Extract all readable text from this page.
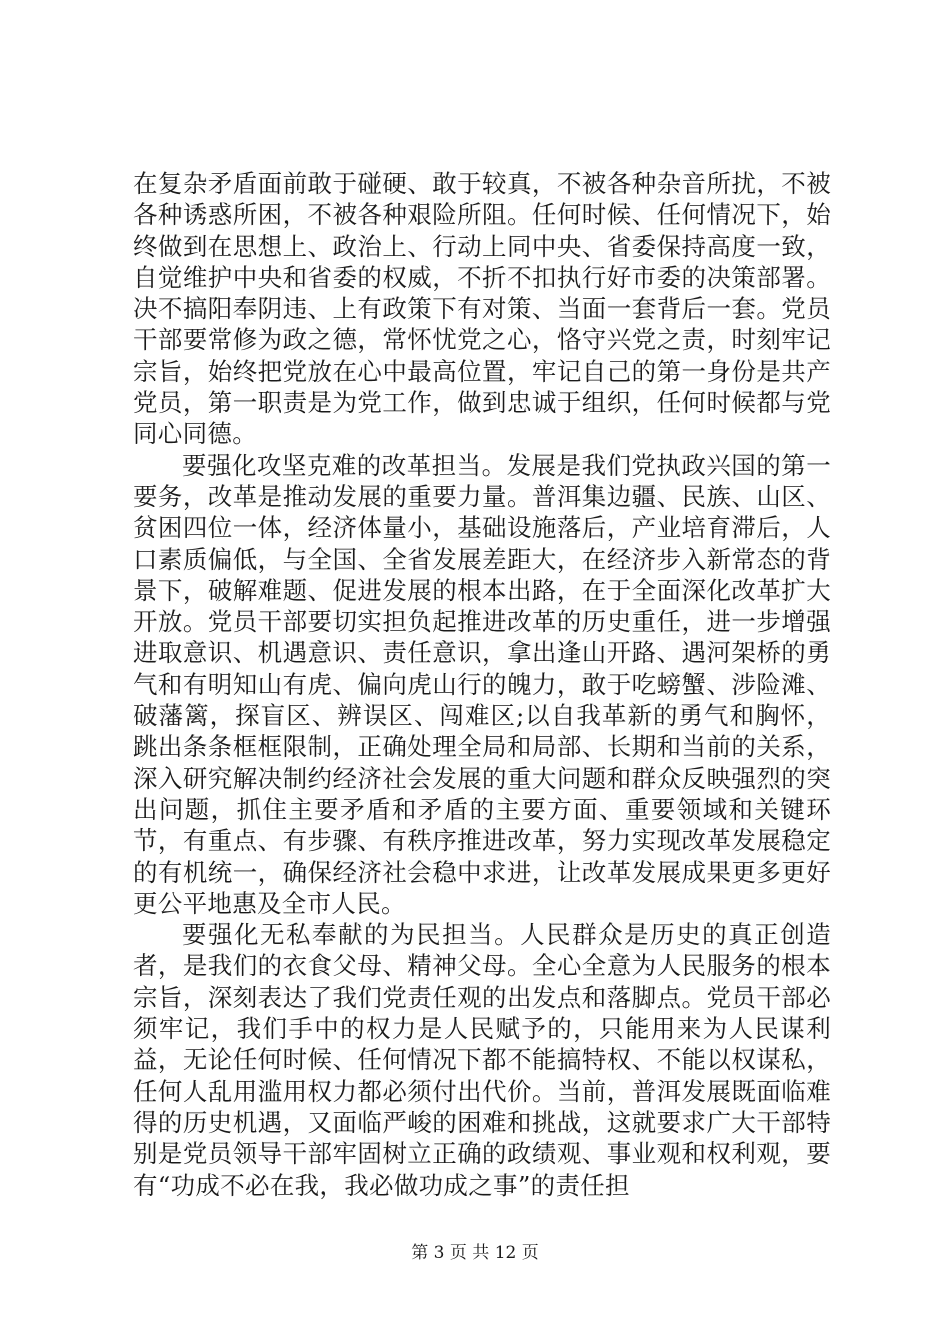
在复杂矛盾面前敢于碰硬、敢于较真，不被各种杂音所扰，不被各种诱惑所困，不被各种艰险所阻。任何时候、任何情况下，始终做到在思想上、政治上、行动上同中央、省委保持高度一致，自觉维护中央和省委的权威，不折不扣执行好市委的决策部署。决不搞阳奉阴违、上有政策下有对策、当面一套背后一套。党员干部要常修为政之德，常怀忧党之心，恪守兴党之责，时刻牢记宗旨，始终把党放在心中最高位置，牢记自己的第一身份是共产党员，第一职责是为党工作，做到忠诚于组织，任何时候都与党同心同德。

要强化攻坚克难的改革担当。发展是我们党执政兴国的第一要务，改革是推动发展的重要力量。普洱集边疆、民族、山区、贫困四位一体，经济体量小，基础设施落后，产业培育滞后，人口素质偏低，与全国、全省发展差距大，在经济步入新常态的背景下，破解难题、促进发展的根本出路，在于全面深化改革扩大开放。党员干部要切实担负起推进改革的历史重任，进一步增强进取意识、机遇意识、责任意识，拿出逢山开路、遇河架桥的勇气和有明知山有虎、偏向虎山行的魄力，敢于吃螃蟹、涉险滩、破藩篱，探盲区、辨误区、闯难区;以自我革新的勇气和胸怀，跳出条条框框限制，正确处理全局和局部、长期和当前的关系，深入研究解决制约经济社会发展的重大问题和群众反映强烈的突出问题，抓住主要矛盾和矛盾的主要方面、重要领域和关键环节，有重点、有步骤、有秩序推进改革，努力实现改革发展稳定的有机统一，确保经济社会稳中求进，让改革发展成果更多更好更公平地惠及全市人民。

要强化无私奉献的为民担当。人民群众是历史的真正创造者，是我们的衣食父母、精神父母。全心全意为人民服务的根本宗旨，深刻表达了我们党责任观的出发点和落脚点。党员干部必须牢记，我们手中的权力是人民赋予的，只能用来为人民谋利益，无论任何时候、任何情况下都不能搞特权、不能以权谋私，任何人乱用滥用权力都必须付出代价。当前，普洱发展既面临难得的历史机遇，又面临严峻的困难和挑战，这就要求广大干部特别是党员领导干部牢固树立正确的政绩观、事业观和权利观，要有“功成不必在我，我必做功成之事”的责任担

第 3 页 共 12 页
